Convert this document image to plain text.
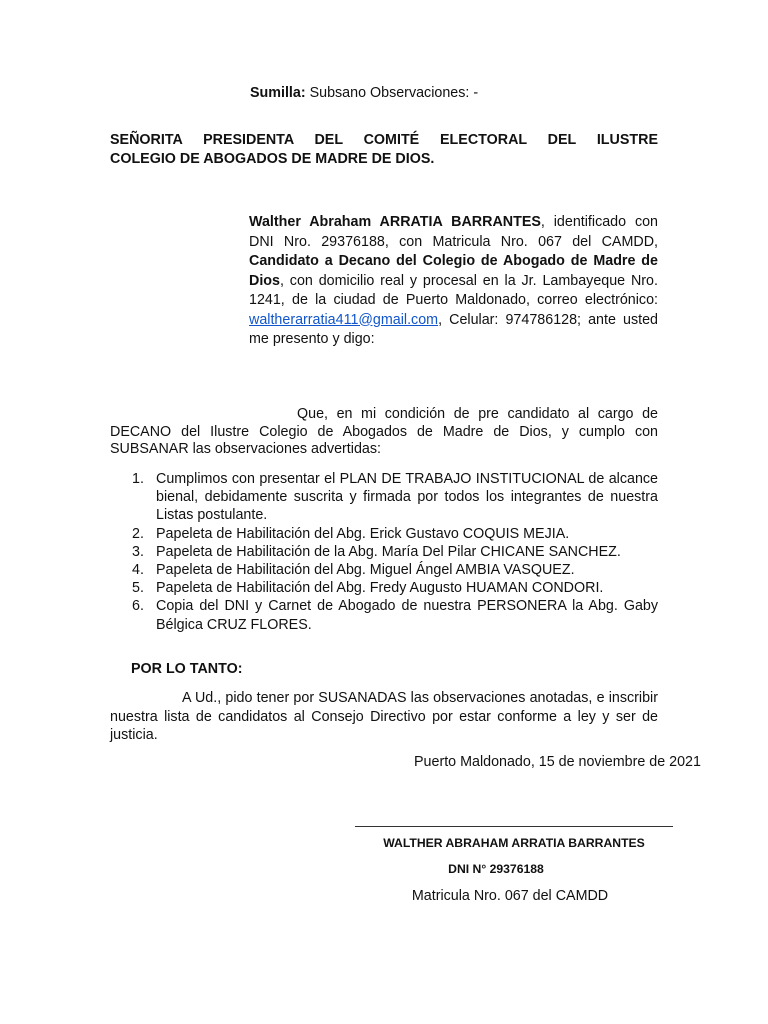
Sumilla: Subsano Observaciones: -
SEÑORITA PRESIDENTA DEL COMITÉ ELECTORAL DEL ILUSTRE
COLEGIO DE ABOGADOS DE MADRE DE DIOS.
Walther Abraham ARRATIA BARRANTES, identificado con DNI Nro. 29376188, con Matricula Nro. 067 del CAMDD, Candidato a Decano del Colegio de Abogado de Madre de Dios, con domicilio real y procesal en la Jr. Lambayeque Nro. 1241, de la ciudad de Puerto Maldonado, correo electrónico: waltherarratia411@gmail.com, Celular: 974786128; ante usted me presento y digo:
Que, en mi condición de pre candidato al cargo de DECANO del Ilustre Colegio de Abogados de Madre de Dios, y cumplo con SUBSANAR las observaciones advertidas:
1. Cumplimos con presentar el PLAN DE TRABAJO INSTITUCIONAL de alcance bienal, debidamente suscrita y firmada por todos los integrantes de nuestra Listas postulante.
2. Papeleta de Habilitación del Abg. Erick Gustavo COQUIS MEJIA.
3. Papeleta de Habilitación de la Abg. María Del Pilar CHICANE SANCHEZ.
4. Papeleta de Habilitación del Abg. Miguel Ángel AMBIA VASQUEZ.
5. Papeleta de Habilitación del Abg. Fredy Augusto HUAMAN CONDORI.
6. Copia del DNI y Carnet de Abogado de nuestra PERSONERA la Abg. Gaby Bélgica CRUZ FLORES.
POR LO TANTO:
A Ud., pido tener por SUSANADAS las observaciones anotadas, e inscribir nuestra lista de candidatos al Consejo Directivo por estar conforme a ley y ser de justicia.
Puerto Maldonado, 15 de noviembre de 2021
WALTHER ABRAHAM ARRATIA BARRANTES
DNI N° 29376188
Matricula Nro. 067 del CAMDD
